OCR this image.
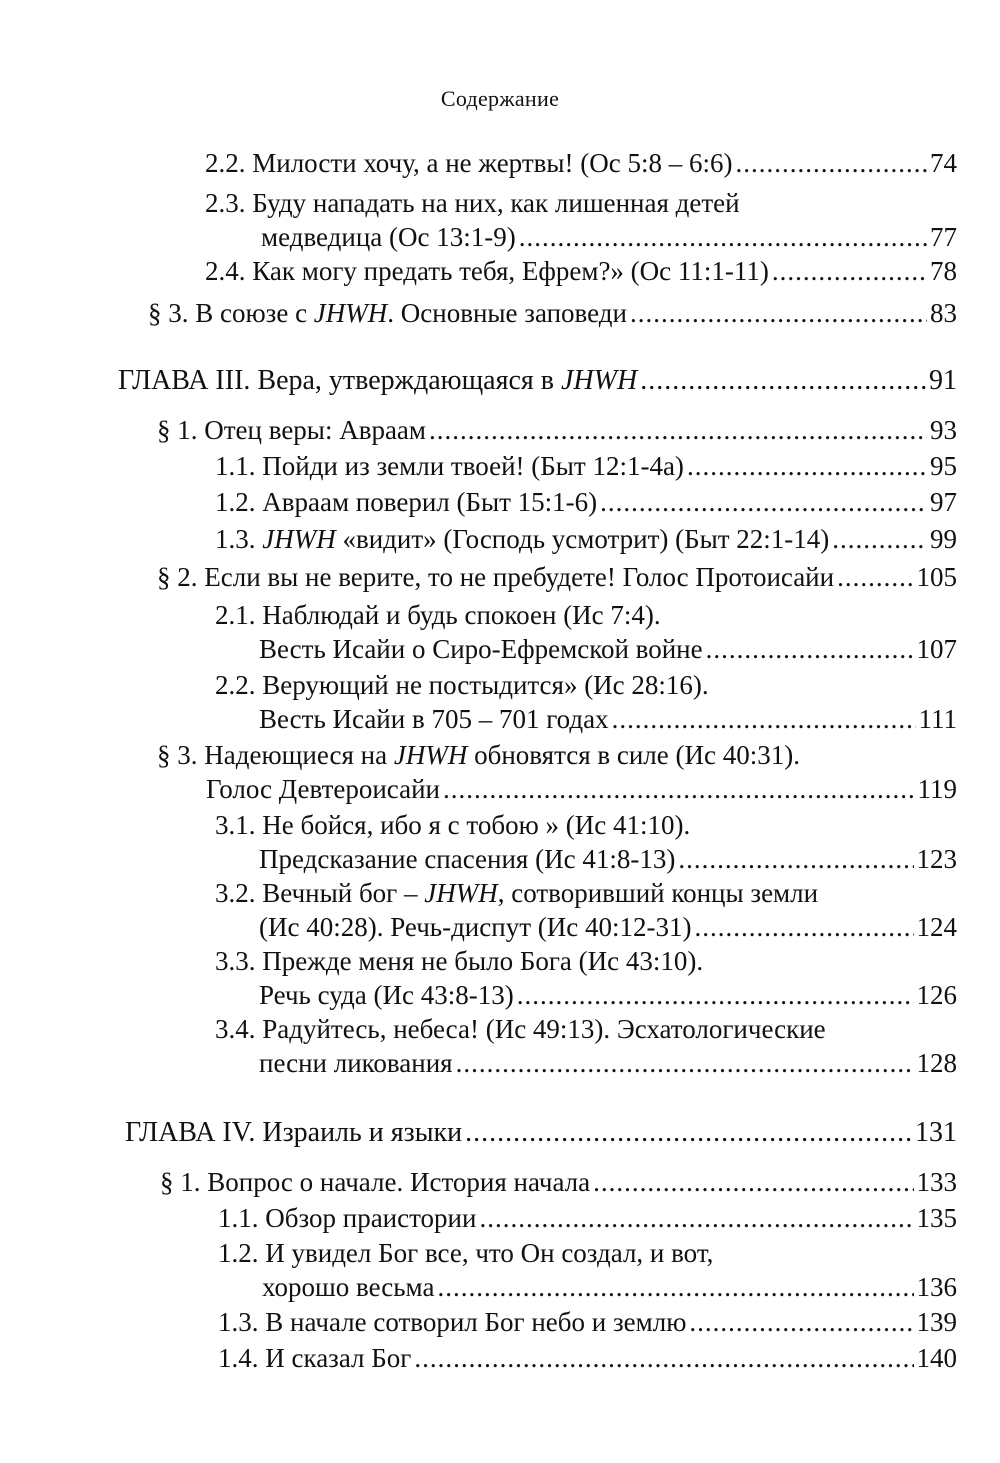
Содержание
2.2. Милости хочу, а не жертвы! (Ос 5:8 – 6:6) .....	74
2.3. Буду нападать на них, как лишенная детей
медведица (Ос 13:1-9) .....	77
2.4. Как могу предать тебя, Ефрем?» (Ос 11:1-11) .....	78
§ 3. В союзе с JHWH. Основные заповеди .....	83
ГЛАВА III. Вера, утверждающаяся в JHWH .....	91
§ 1. Отец веры: Авраам .....	93
1.1. Пойди из земли твоей! (Быт 12:1-4а) .....	95
1.2. Авраам поверил (Быт 15:1-6) .....	97
1.3. JHWH «видит» (Господь усмотрит) (Быт 22:1-14) .....	99
§ 2. Если вы не верите, то не пребудете! Голос Протоисайи .....	105
2.1. Наблюдай и будь спокоен (Ис 7:4).
Весть Исайи о Сиро-Ефремской войне .....	107
2.2. Верующий не постыдится» (Ис 28:16).
Весть Исайи в 705 – 701 годах .....	111
§ 3. Надеющиеся на JHWH обновятся в силе (Ис 40:31).
Голос Девтероисайи .....	119
3.1. Не бойся, ибо я с тобою » (Ис 41:10).
Предсказание спасения (Ис 41:8-13) .....	123
3.2. Вечный бог – JHWH, сотворивший концы земли
(Ис 40:28). Речь-диспут (Ис 40:12-31) .....	124
3.3. Прежде меня не было Бога (Ис 43:10).
Речь суда (Ис 43:8-13) .....	126
3.4. Радуйтесь, небеса! (Ис 49:13). Эсхатологические
песни ликования .....	128
ГЛАВА IV. Израиль и языки .....	131
§ 1. Вопрос о начале. История начала .....	133
1.1. Обзор праистории .....	135
1.2. И увидел Бог все, что Он создал, и вот,
хорошо весьма .....	136
1.3. В начале сотворил Бог небо и землю .....	139
1.4. И сказал Бог .....	140
